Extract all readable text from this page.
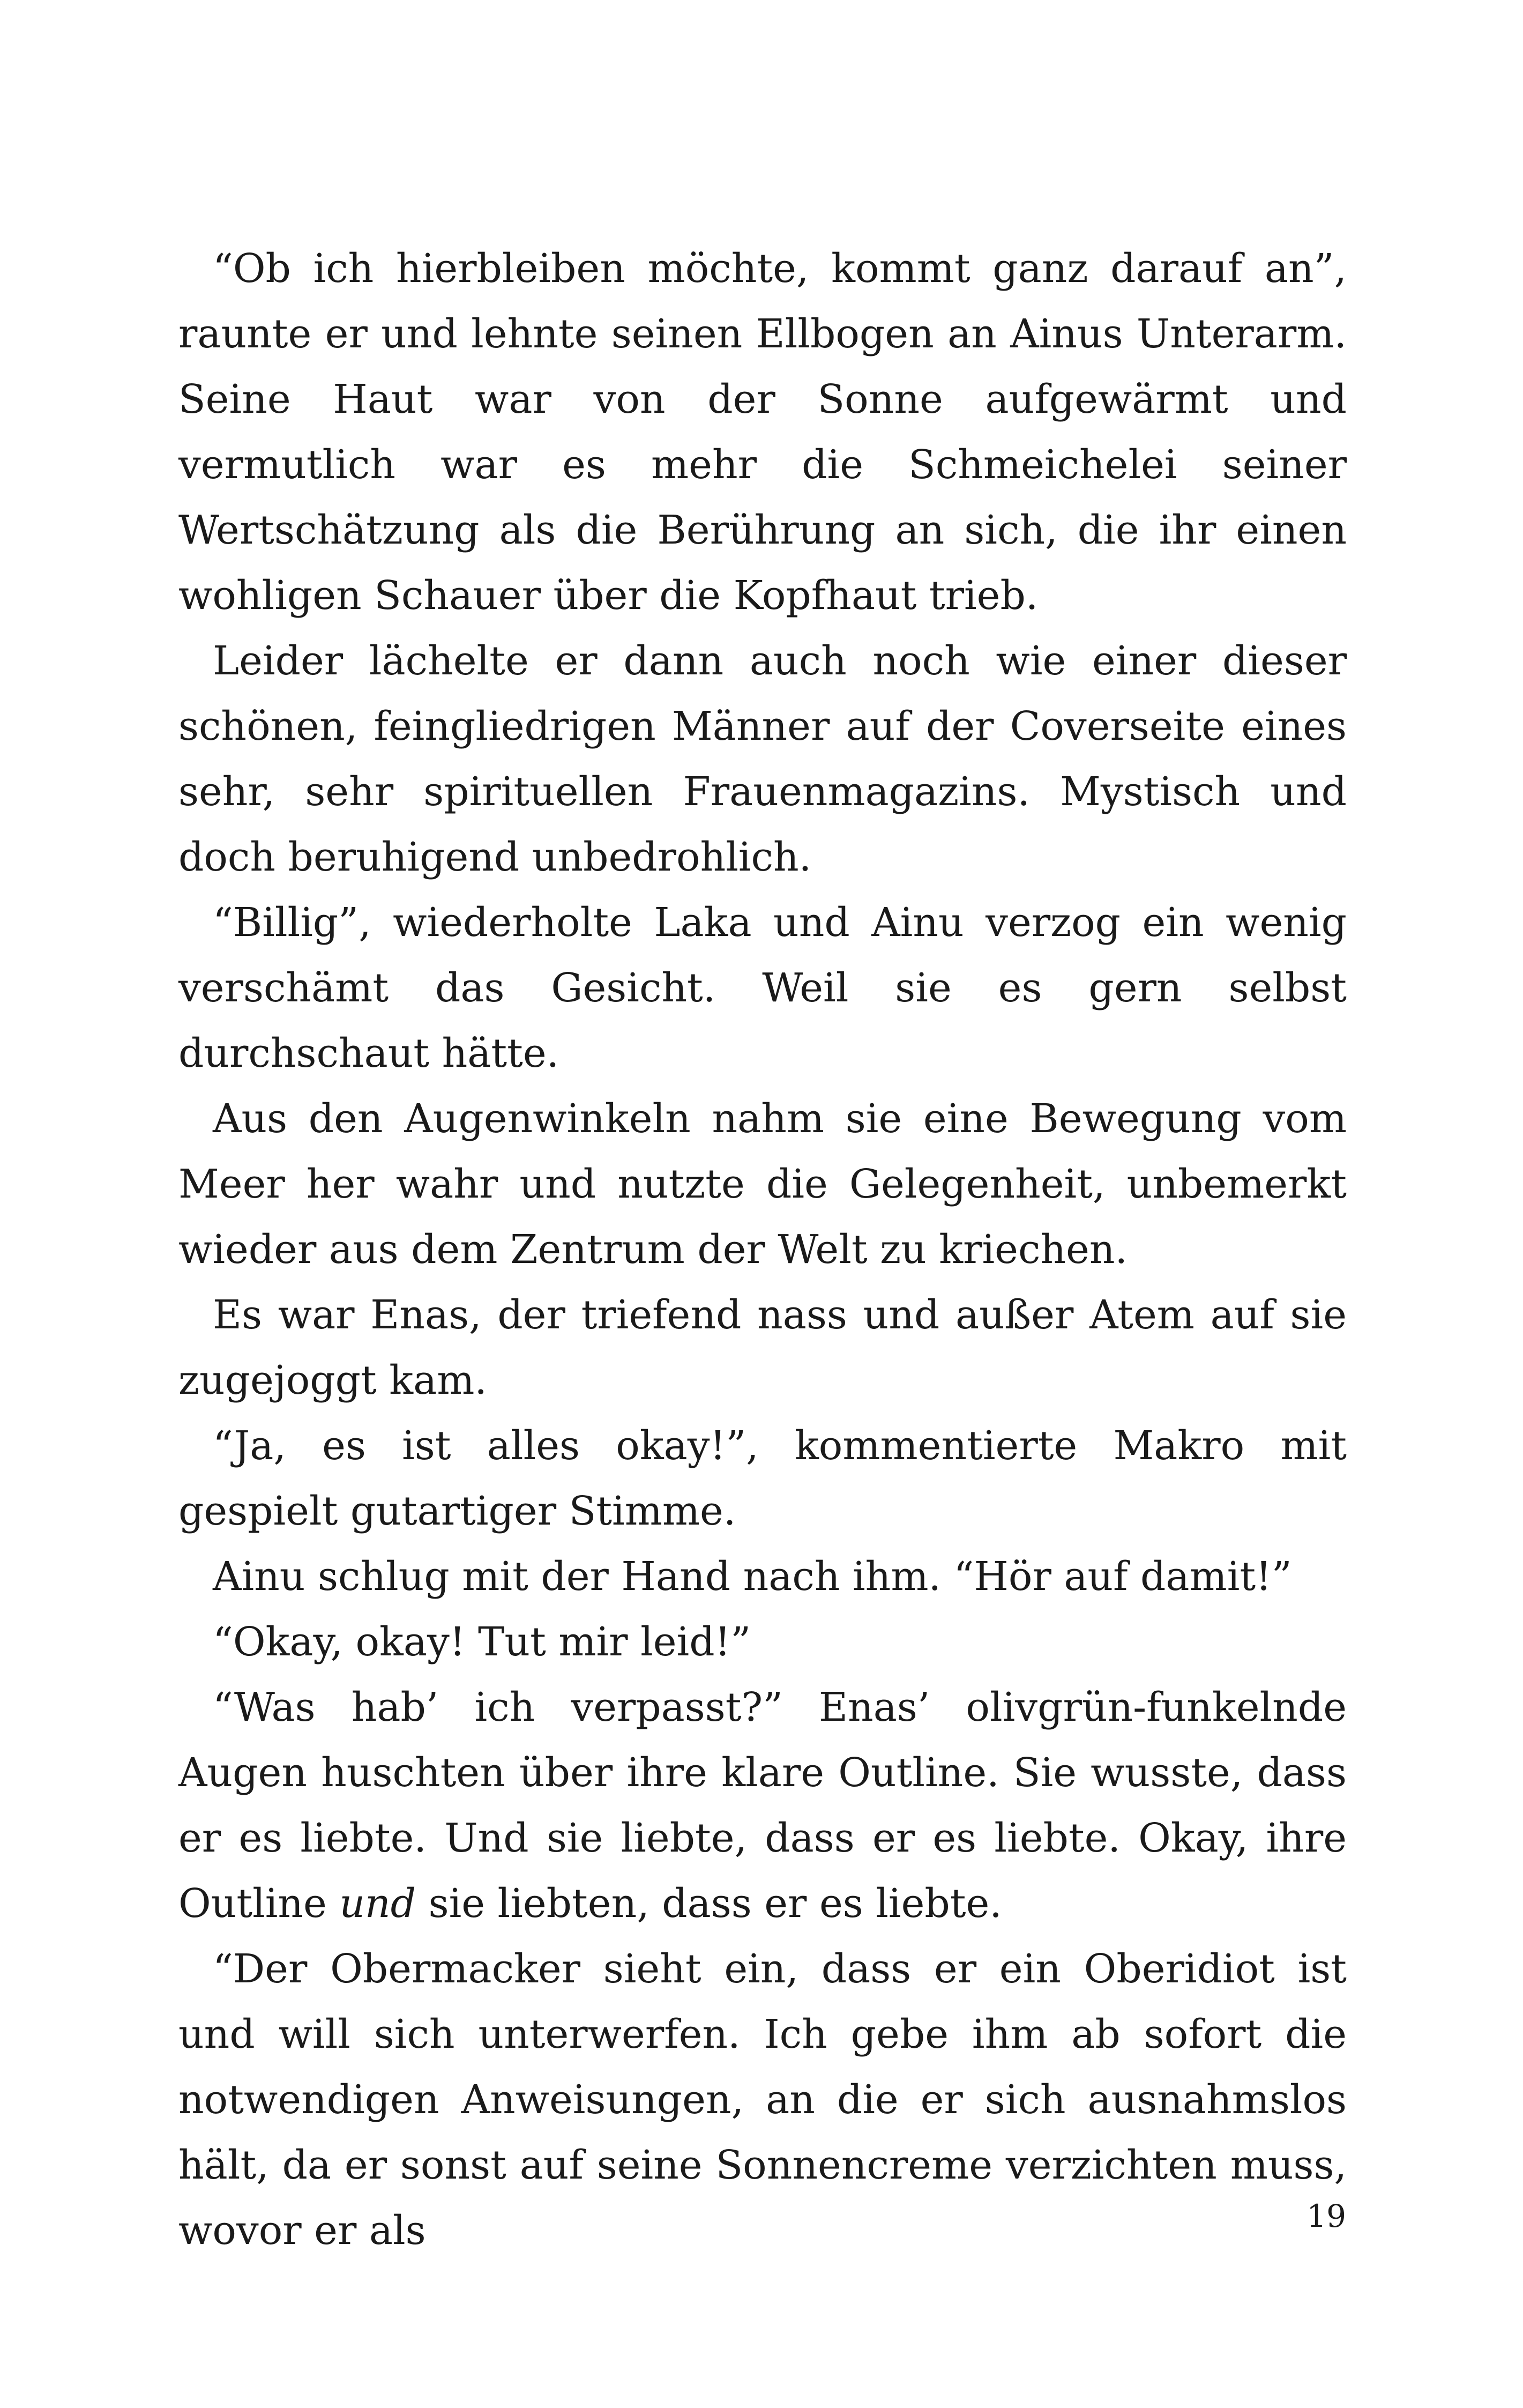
“Ob ich hierbleiben möchte, kommt ganz darauf an”, raunte er und lehnte seinen Ellbogen an Ainus Unterarm. Seine Haut war von der Sonne aufgewärmt und vermutlich war es mehr die Schmeichelei seiner Wertschätzung als die Berührung an sich, die ihr einen wohligen Schauer über die Kopfhaut trieb.

Leider lächelte er dann auch noch wie einer dieser schönen, feingliedrigen Männer auf der Coverseite eines sehr, sehr spirituellen Frauenmagazins. Mystisch und doch beruhigend unbedrohlich.

“Billig”, wiederholte Laka und Ainu verzog ein wenig verschämt das Gesicht. Weil sie es gern selbst durchschaut hätte.

Aus den Augenwinkeln nahm sie eine Bewegung vom Meer her wahr und nutzte die Gelegenheit, unbemerkt wieder aus dem Zentrum der Welt zu kriechen.

Es war Enas, der triefend nass und außer Atem auf sie zugejoggt kam.

“Ja, es ist alles okay!”, kommentierte Makro mit gespielt gutartiger Stimme.

Ainu schlug mit der Hand nach ihm. “Hör auf damit!”

“Okay, okay! Tut mir leid!”

“Was hab’ ich verpasst?” Enas’ olivgrün-funkelnde Augen huschten über ihre klare Outline. Sie wusste, dass er es liebte. Und sie liebte, dass er es liebte. Okay, ihre Outline und sie liebten, dass er es liebte.

“Der Obermacker sieht ein, dass er ein Oberidiot ist und will sich unterwerfen. Ich gebe ihm ab sofort die notwendigen Anweisungen, an die er sich ausnahmslos hält, da er sonst auf seine Sonnencreme verzichten muss, wovor er als	19
